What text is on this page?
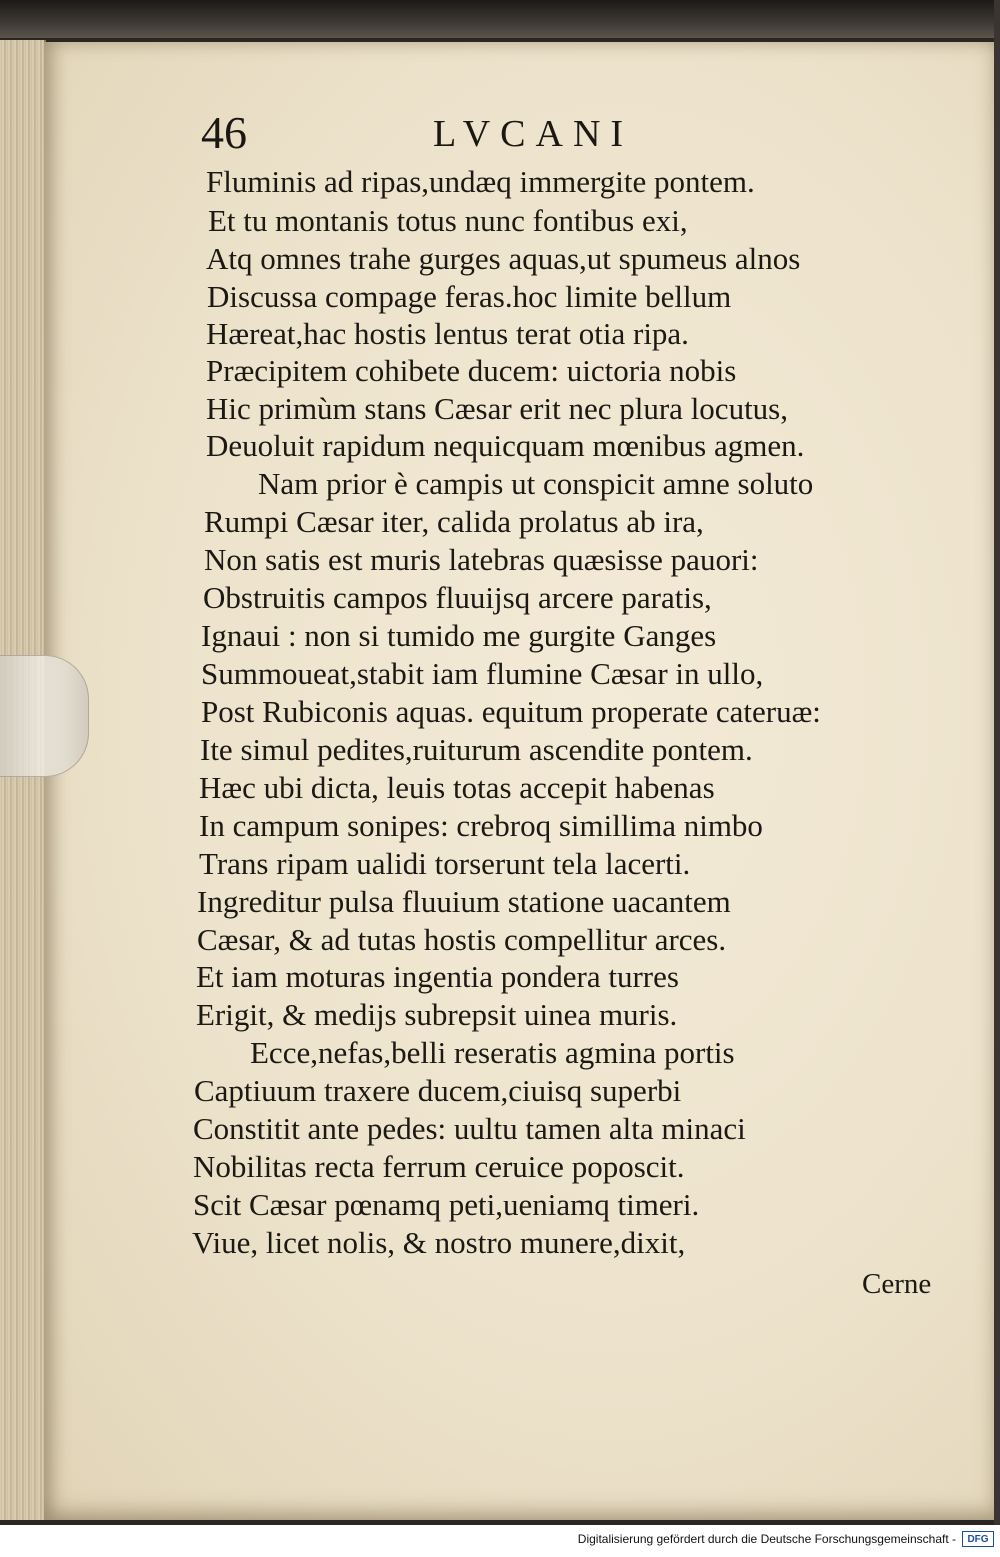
46	LVCANI
Fluminis ad ripas,undæq immergite pontem.
Et tu montanis totus nunc fontibus exi,
Atq omnes trahe gurges aquas,ut spumeus alnos
Discussa compage feras.hoc limite bellum
Hæreat,hac hostis lentus terat otia ripa.
Præcipitem cohibete ducem: uictoria nobis
Hic primùm stans Cæsar erit nec plura locutus,
Deuoluit rapidum nequicquam mœnibus agmen.
Nam prior è campis ut conspicit amne soluto
Rumpi Cæsar iter, calida prolatus ab ira,
Non satis est muris latebras quæsisse pauori:
Obstruitis campos fluuijsq arcere paratis,
Ignaui : non si tumido me gurgite Ganges
Summoueat,stabit iam flumine Cæsar in ullo,
Post Rubiconis aquas. equitum properate cateruæ:
Ite simul pedites,ruiturum ascendite pontem.
Hæc ubi dicta, leuis totas accepit habenas
In campum sonipes: crebroq simillima nimbo
Trans ripam ualidi torserunt tela lacerti.
Ingreditur pulsa fluuium statione uacantem
Cæsar, & ad tutas hostis compellitur arces.
Et iam moturas ingentia pondera turres
Erigit, & medijs subrepsit uinea muris.
Ecce,nefas,belli reseratis agmina portis
Captiuum traxere ducem,ciuisq superbi
Constitit ante pedes: uultu tamen alta minaci
Nobilitas recta ferrum ceruice poposcit.
Scit Cæsar pœnamq peti,ueniamq timeri.
Viue, licet nolis, & nostro munere,dixit,
Cerne
Digitalisierung gefördert durch die Deutsche Forschungsgemeinschaft -	DFG
